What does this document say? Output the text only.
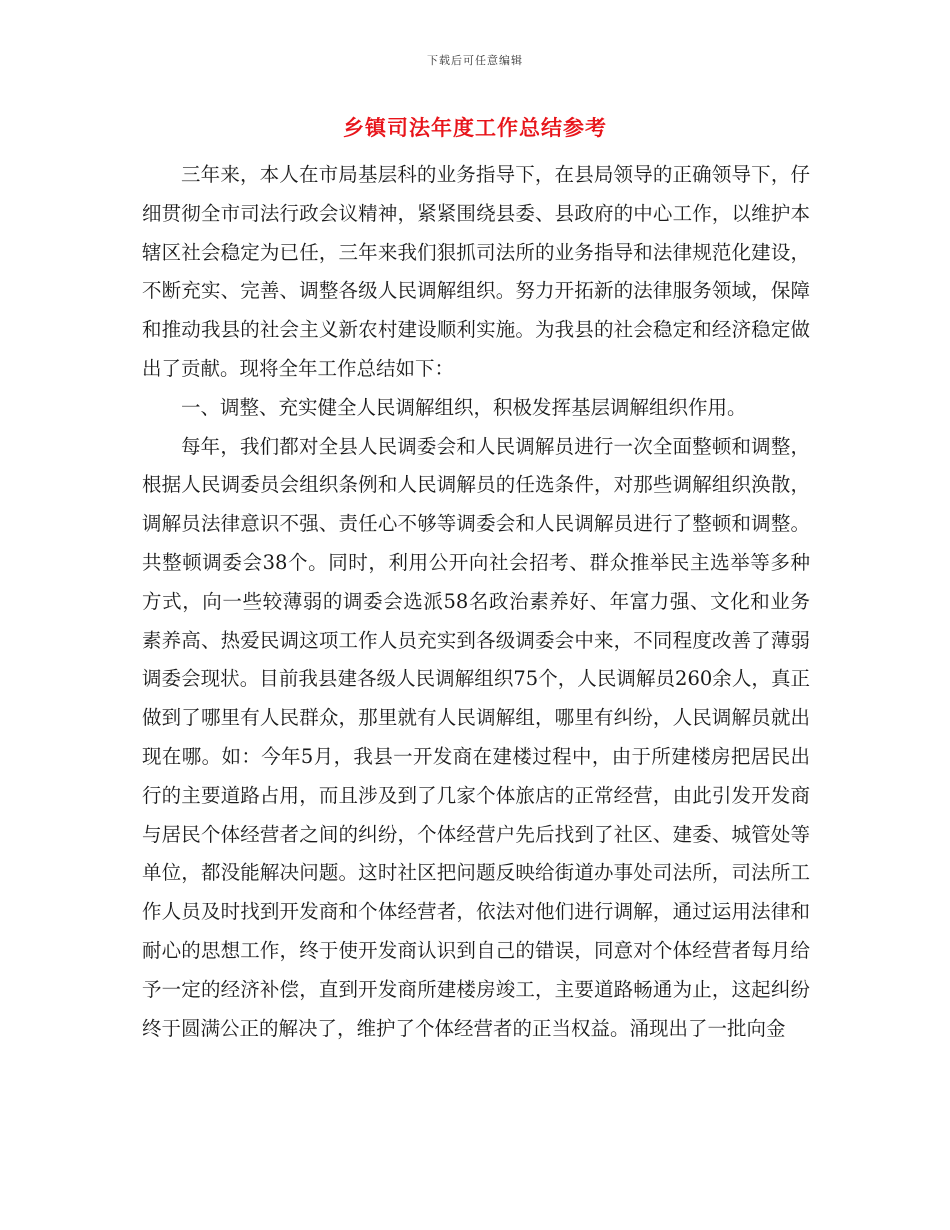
下载后可任意编辑
乡镇司法年度工作总结参考

三年来，本人在市局基层科的业务指导下，在县局领导的正确领导下，仔细贯彻全市司法行政会议精神，紧紧围绕县委、县政府的中心工作，以维护本辖区社会稳定为已任，三年来我们狠抓司法所的业务指导和法律规范化建设，不断充实、完善、调整各级人民调解组织。努力开拓新的法律服务领域，保障和推动我县的社会主义新农村建设顺利实施。为我县的社会稳定和经济稳定做出了贡献。现将全年工作总结如下：

一、调整、充实健全人民调解组织，积极发挥基层调解组织作用。

每年，我们都对全县人民调委会和人民调解员进行一次全面整顿和调整，根据人民调委员会组织条例和人民调解员的任选条件，对那些调解组织涣散，调解员法律意识不强、责任心不够等调委会和人民调解员进行了整顿和调整。共整顿调委会38个。同时，利用公开向社会招考、群众推举民主选举等多种方式，向一些较薄弱的调委会选派58名政治素养好、年富力强、文化和业务素养高、热爱民调这项工作人员充实到各级调委会中来，不同程度改善了薄弱调委会现状。目前我县建各级人民调解组织75个，人民调解员260余人，真正做到了哪里有人民群众，那里就有人民调解组，哪里有纠纷，人民调解员就出现在哪。如：今年5月，我县一开发商在建楼过程中，由于所建楼房把居民出行的主要道路占用，而且涉及到了几家个体旅店的正常经营，由此引发开发商与居民个体经营者之间的纠纷，个体经营户先后找到了社区、建委、城管处等单位，都没能解决问题。这时社区把问题反映给街道办事处司法所，司法所工作人员及时找到开发商和个体经营者，依法对他们进行调解，通过运用法律和耐心的思想工作，终于使开发商认识到自己的错误，同意对个体经营者每月给予一定的经济补偿，直到开发商所建楼房竣工，主要道路畅通为止，这起纠纷终于圆满公正的解决了，维护了个体经营者的正当权益。涌现出了一批向金
